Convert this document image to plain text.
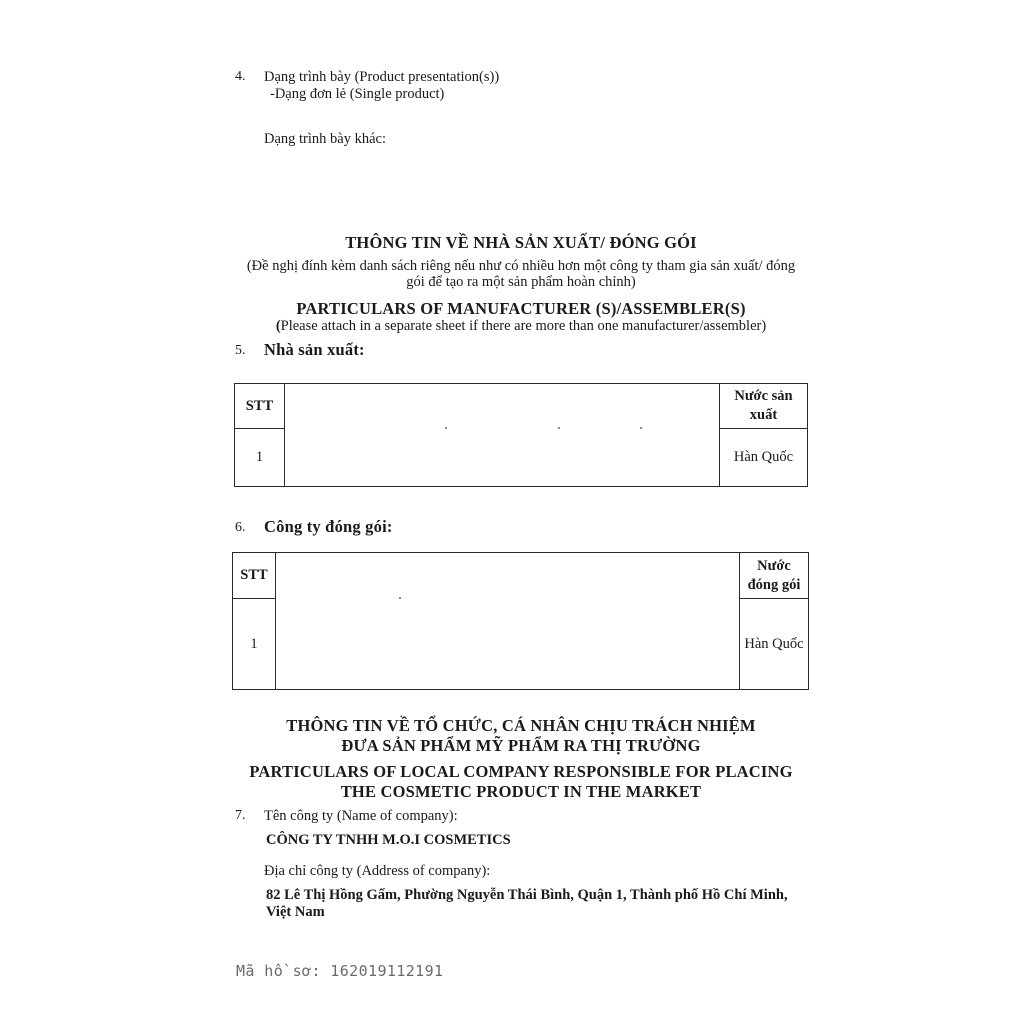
4. Dạng trình bày (Product presentation(s))
-Dạng đơn lẻ (Single product)
Dạng trình bày khác:
THÔNG TIN VỀ NHÀ SẢN XUẤT/ ĐÓNG GÓI
(Đề nghị đính kèm danh sách riêng nếu như có nhiều hơn một công ty tham gia sản xuất/ đóng
gói để tạo ra một sản phẩm hoàn chỉnh)
PARTICULARS OF MANUFACTURER (S)/ASSEMBLER(S)
(Please attach in a separate sheet if there are more than one manufacturer/assembler)
5. Nhà sản xuất:
STT		Nước sản
xuất

1		Hàn Quốc
6. Công ty đóng gói:
STT		Nước
đóng gói

1		Hàn Quốc
THÔNG TIN VỀ TỔ CHỨC, CÁ NHÂN CHỊU TRÁCH NHIỆM
ĐƯA SẢN PHẨM MỸ PHẨM RA THỊ TRƯỜNG
PARTICULARS OF LOCAL COMPANY RESPONSIBLE FOR PLACING
THE COSMETIC PRODUCT IN THE MARKET
7. Tên công ty (Name of company):
CÔNG TY TNHH M.O.I COSMETICS
Địa chỉ công ty (Address of company):
82 Lê Thị Hồng Gấm, Phường Nguyễn Thái Bình, Quận 1, Thành phố Hồ Chí Minh,
Việt Nam
Mã hồ sơ: 162019112191
